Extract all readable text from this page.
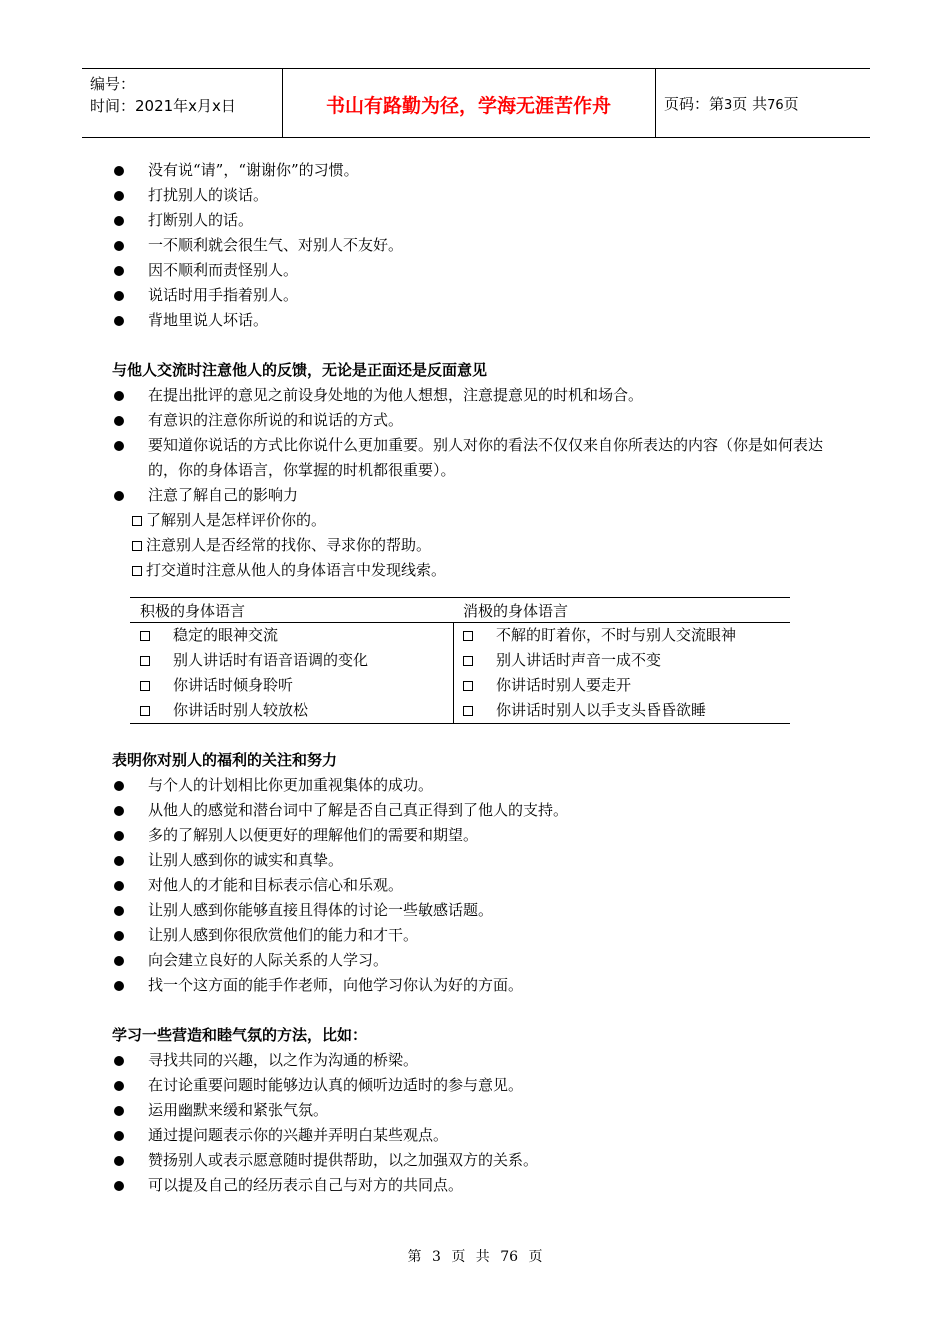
编号：
时间：2021年x月x日	书山有路勤为径，学海无涯苦作舟	页码：第3页 共76页
没有说“请”，“谢谢你”的习惯。
打扰别人的谈话。
打断别人的话。
一不顺利就会很生气、对别人不友好。
因不顺利而责怪别人。
说话时用手指着别人。
背地里说人坏话。
与他人交流时注意他人的反馈，无论是正面还是反面意见
在提出批评的意见之前设身处地的为他人想想，注意提意见的时机和场合。
有意识的注意你所说的和说话的方式。
要知道你说话的方式比你说什么更加重要。别人对你的看法不仅仅来自你所表达的内容（你是如何表达的，你的身体语言，你掌握的时机都很重要）。
注意了解自己的影响力
了解别人是怎样评价你的。
注意别人是否经常的找你、寻求你的帮助。
打交道时注意从他人的身体语言中发现线索。
积极的身体语言	消极的身体语言
稳定的眼神交流	不解的盯着你，不时与别人交流眼神
别人讲话时有语音语调的变化	别人讲话时声音一成不变
你讲话时倾身聆听	你讲话时别人要走开
你讲话时别人较放松	你讲话时别人以手支头昏昏欲睡
表明你对别人的福利的关注和努力
与个人的计划相比你更加重视集体的成功。
从他人的感觉和潜台词中了解是否自己真正得到了他人的支持。
多的了解别人以便更好的理解他们的需要和期望。
让别人感到你的诚实和真挚。
对他人的才能和目标表示信心和乐观。
让别人感到你能够直接且得体的讨论一些敏感话题。
让别人感到你很欣赏他们的能力和才干。
向会建立良好的人际关系的人学习。
找一个这方面的能手作老师，向他学习你认为好的方面。
学习一些营造和睦气氛的方法，比如：
寻找共同的兴趣，以之作为沟通的桥梁。
在讨论重要问题时能够边认真的倾听边适时的参与意见。
运用幽默来缓和紧张气氛。
通过提问题表示你的兴趣并弄明白某些观点。
赞扬别人或表示愿意随时提供帮助，以之加强双方的关系。
可以提及自己的经历表示自己与对方的共同点。
第 3 页 共 76 页
